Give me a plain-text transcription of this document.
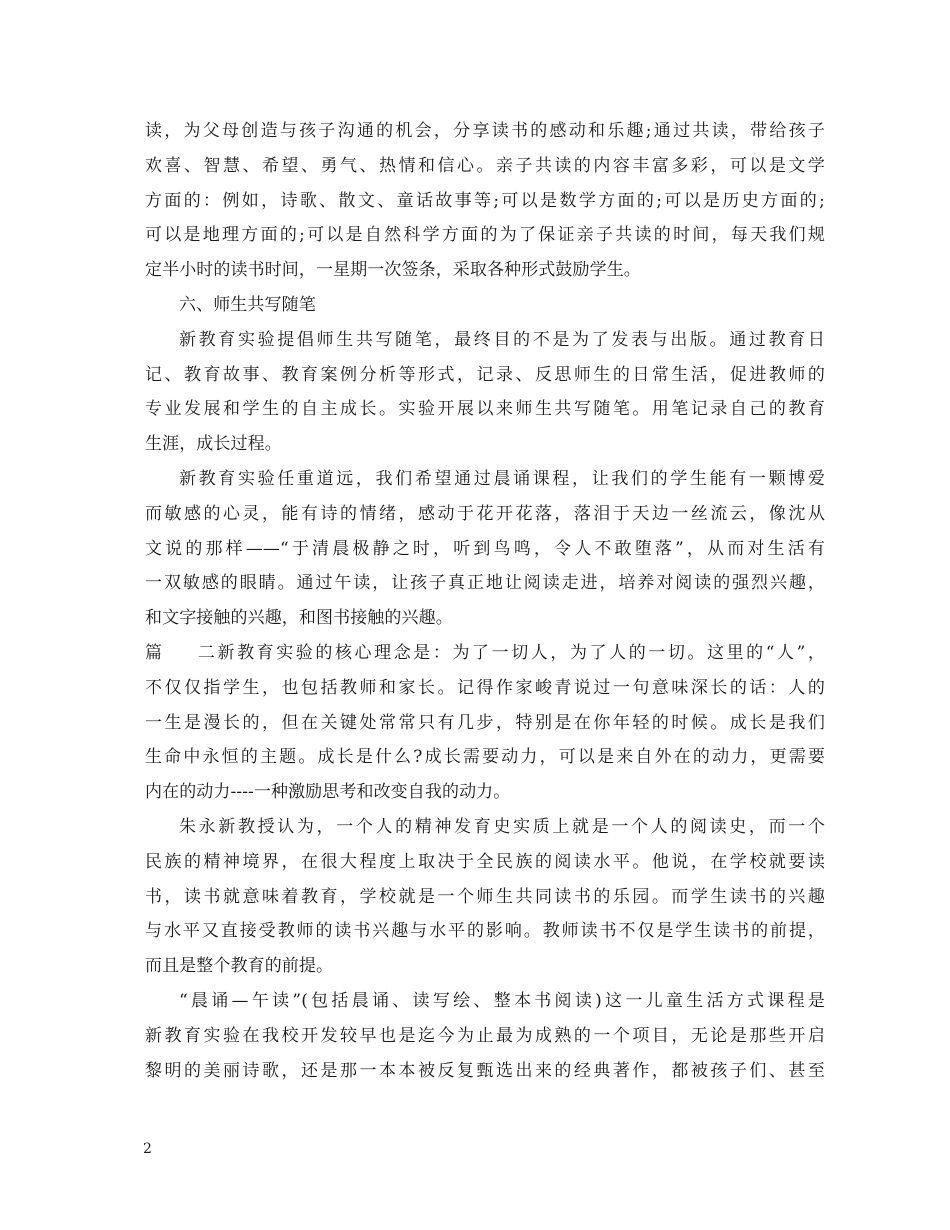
读，为父母创造与孩子沟通的机会，分享读书的感动和乐趣;通过共读，带给孩子
欢喜、智慧、希望、勇气、热情和信心。亲子共读的内容丰富多彩，可以是文学
方面的：例如，诗歌、散文、童话故事等;可以是数学方面的;可以是历史方面的;
可以是地理方面的;可以是自然科学方面的为了保证亲子共读的时间，每天我们规
定半小时的读书时间，一星期一次签条，采取各种形式鼓励学生。
六、师生共写随笔
新教育实验提倡师生共写随笔，最终目的不是为了发表与出版。通过教育日
记、教育故事、教育案例分析等形式，记录、反思师生的日常生活，促进教师的
专业发展和学生的自主成长。实验开展以来师生共写随笔。用笔记录自己的教育
生涯，成长过程。
新教育实验任重道远，我们希望通过晨诵课程，让我们的学生能有一颗博爱
而敏感的心灵，能有诗的情绪，感动于花开花落，落泪于天边一丝流云，像沈从
文说的那样——“于清晨极静之时，听到鸟鸣，令人不敢堕落”，从而对生活有
一双敏感的眼睛。通过午读，让孩子真正地让阅读走进，培养对阅读的强烈兴趣，
和文字接触的兴趣，和图书接触的兴趣。
篇二新教育实验的核心理念是：为了一切人，为了人的一切。这里的“人”，
不仅仅指学生，也包括教师和家长。记得作家峻青说过一句意味深长的话：人的
一生是漫长的，但在关键处常常只有几步，特别是在你年轻的时候。成长是我们
生命中永恒的主题。成长是什么?成长需要动力，可以是来自外在的动力，更需要
内在的动力----一种激励思考和改变自我的动力。
朱永新教授认为，一个人的精神发育史实质上就是一个人的阅读史，而一个
民族的精神境界，在很大程度上取决于全民族的阅读水平。他说，在学校就要读
书，读书就意味着教育，学校就是一个师生共同读书的乐园。而学生读书的兴趣
与水平又直接受教师的读书兴趣与水平的影响。教师读书不仅是学生读书的前提，
而且是整个教育的前提。
“晨诵—午读”(包括晨诵、读写绘、整本书阅读)这一儿童生活方式课程是
新教育实验在我校开发较早也是迄今为止最为成熟的一个项目，无论是那些开启
黎明的美丽诗歌，还是那一本本被反复甄选出来的经典著作，都被孩子们、甚至
2
